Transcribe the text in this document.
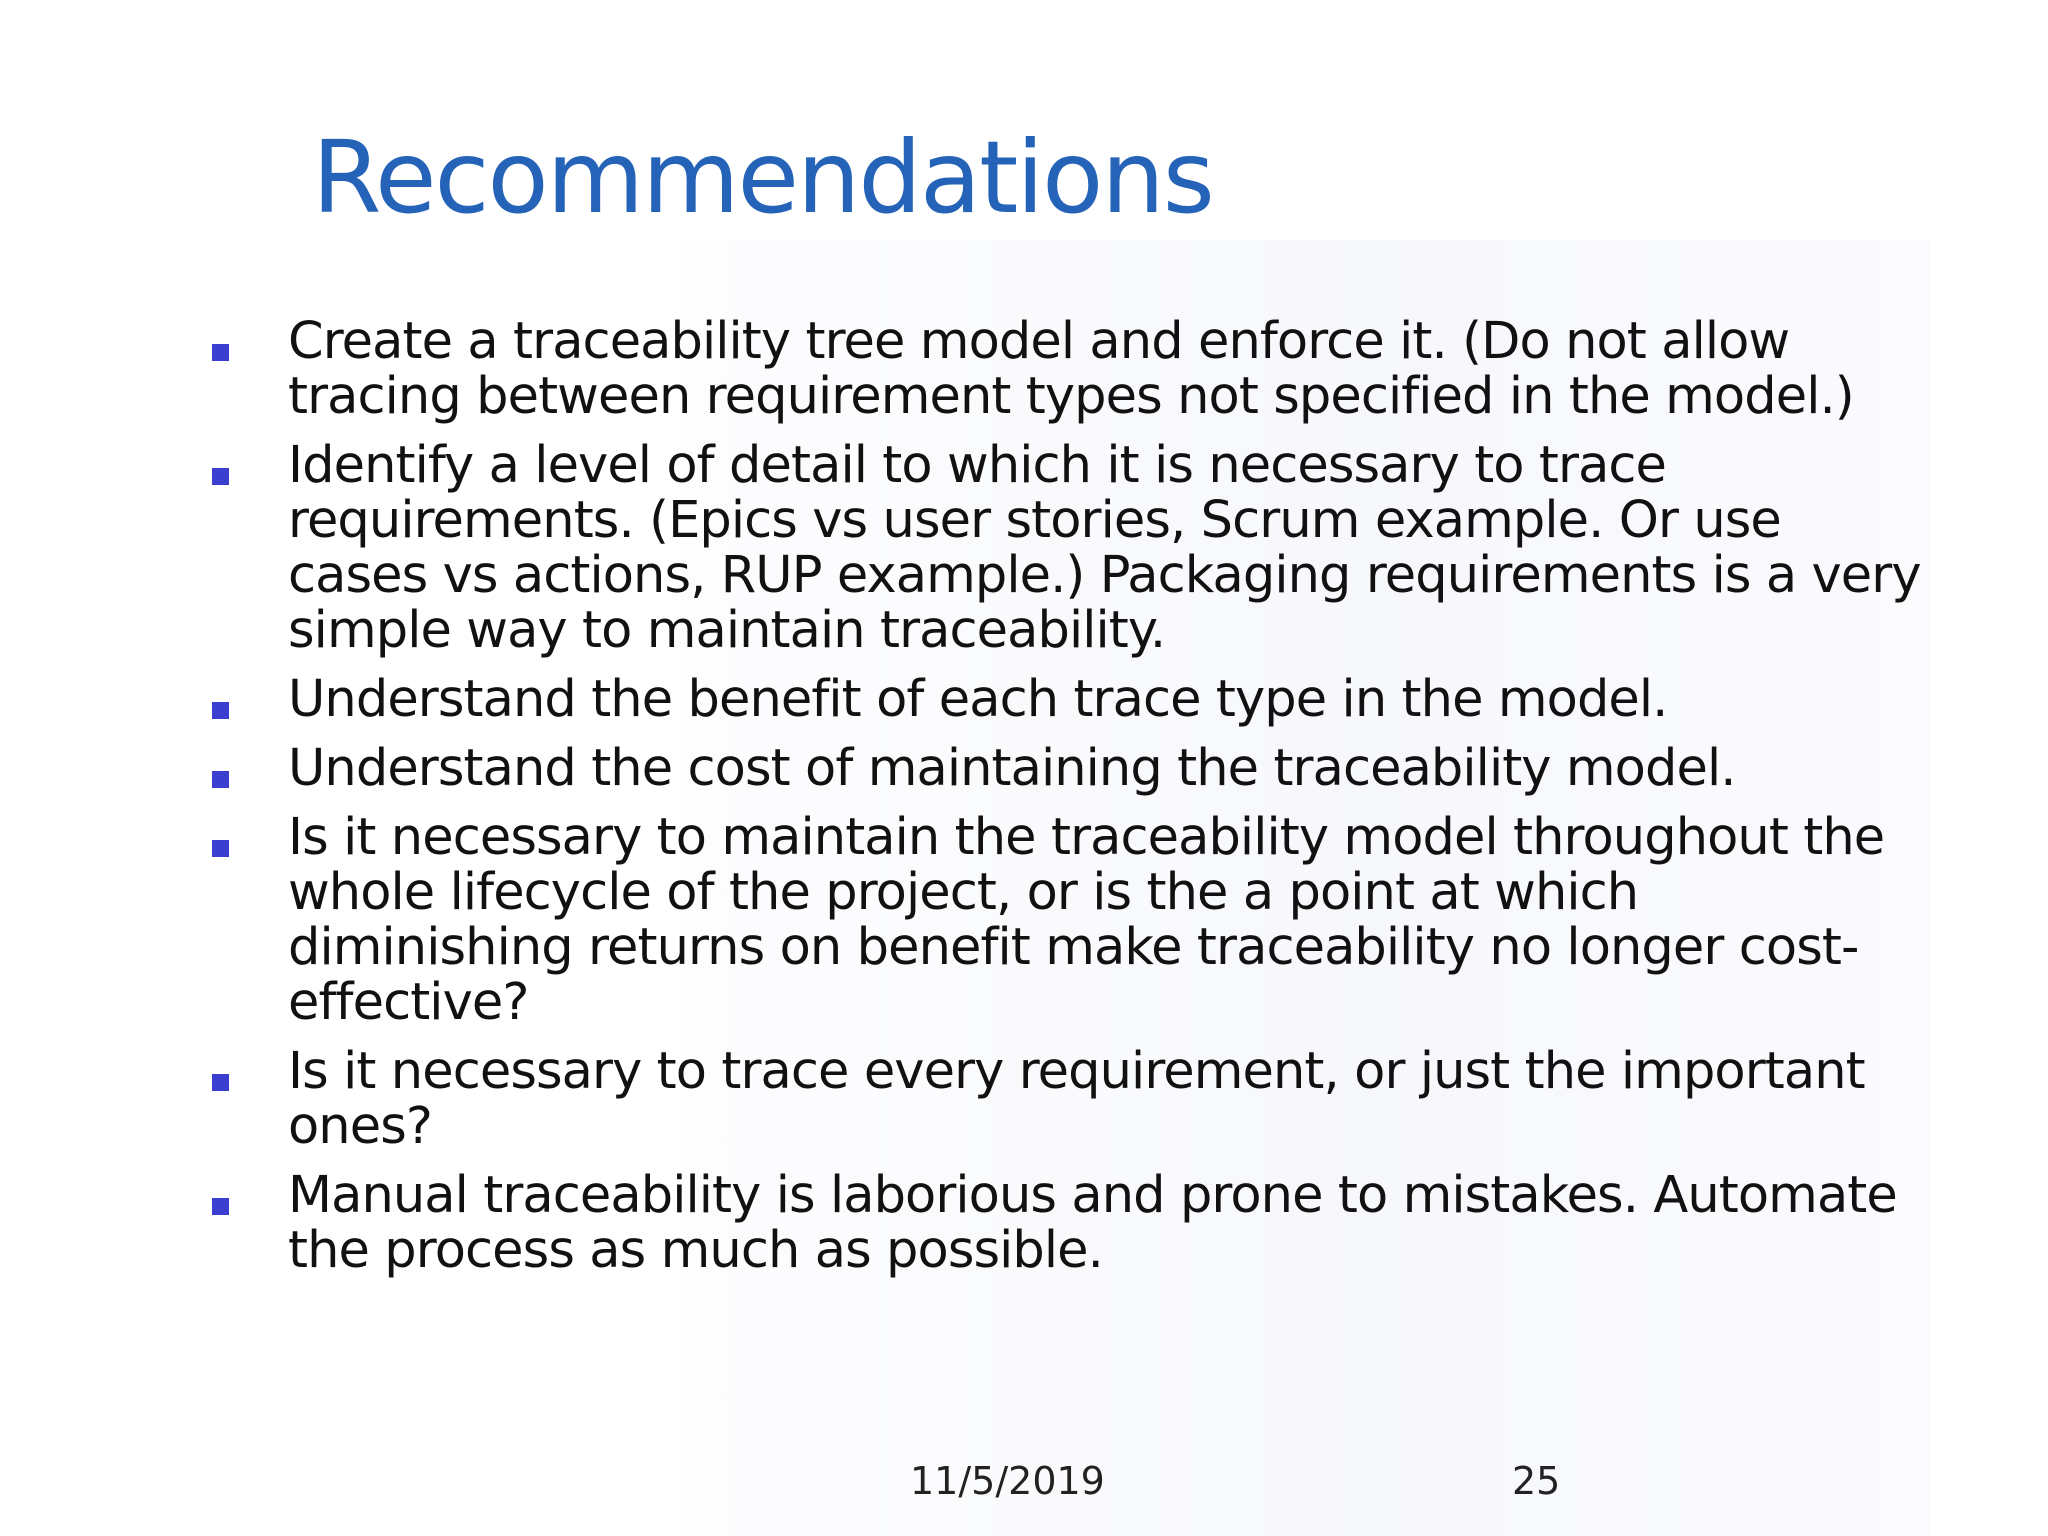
Recommendations
Create a traceability tree model and enforce it. (Do not allow
tracing between requirement types not specified in the model.)
Identify a level of detail to which it is necessary to trace
requirements. (Epics vs user stories, Scrum example. Or use
cases vs actions, RUP example.) Packaging requirements is a very
simple way to maintain traceability.
Understand the benefit of each trace type in the model.
Understand the cost of maintaining the traceability model.
Is it necessary to maintain the traceability model throughout the
whole lifecycle of the project, or is the a point at which
diminishing returns on benefit make traceability no longer cost-
effective?
Is it necessary to trace every requirement, or just the important
ones?
Manual traceability is laborious and prone to mistakes. Automate
the process as much as possible.
11/5/2019	25
